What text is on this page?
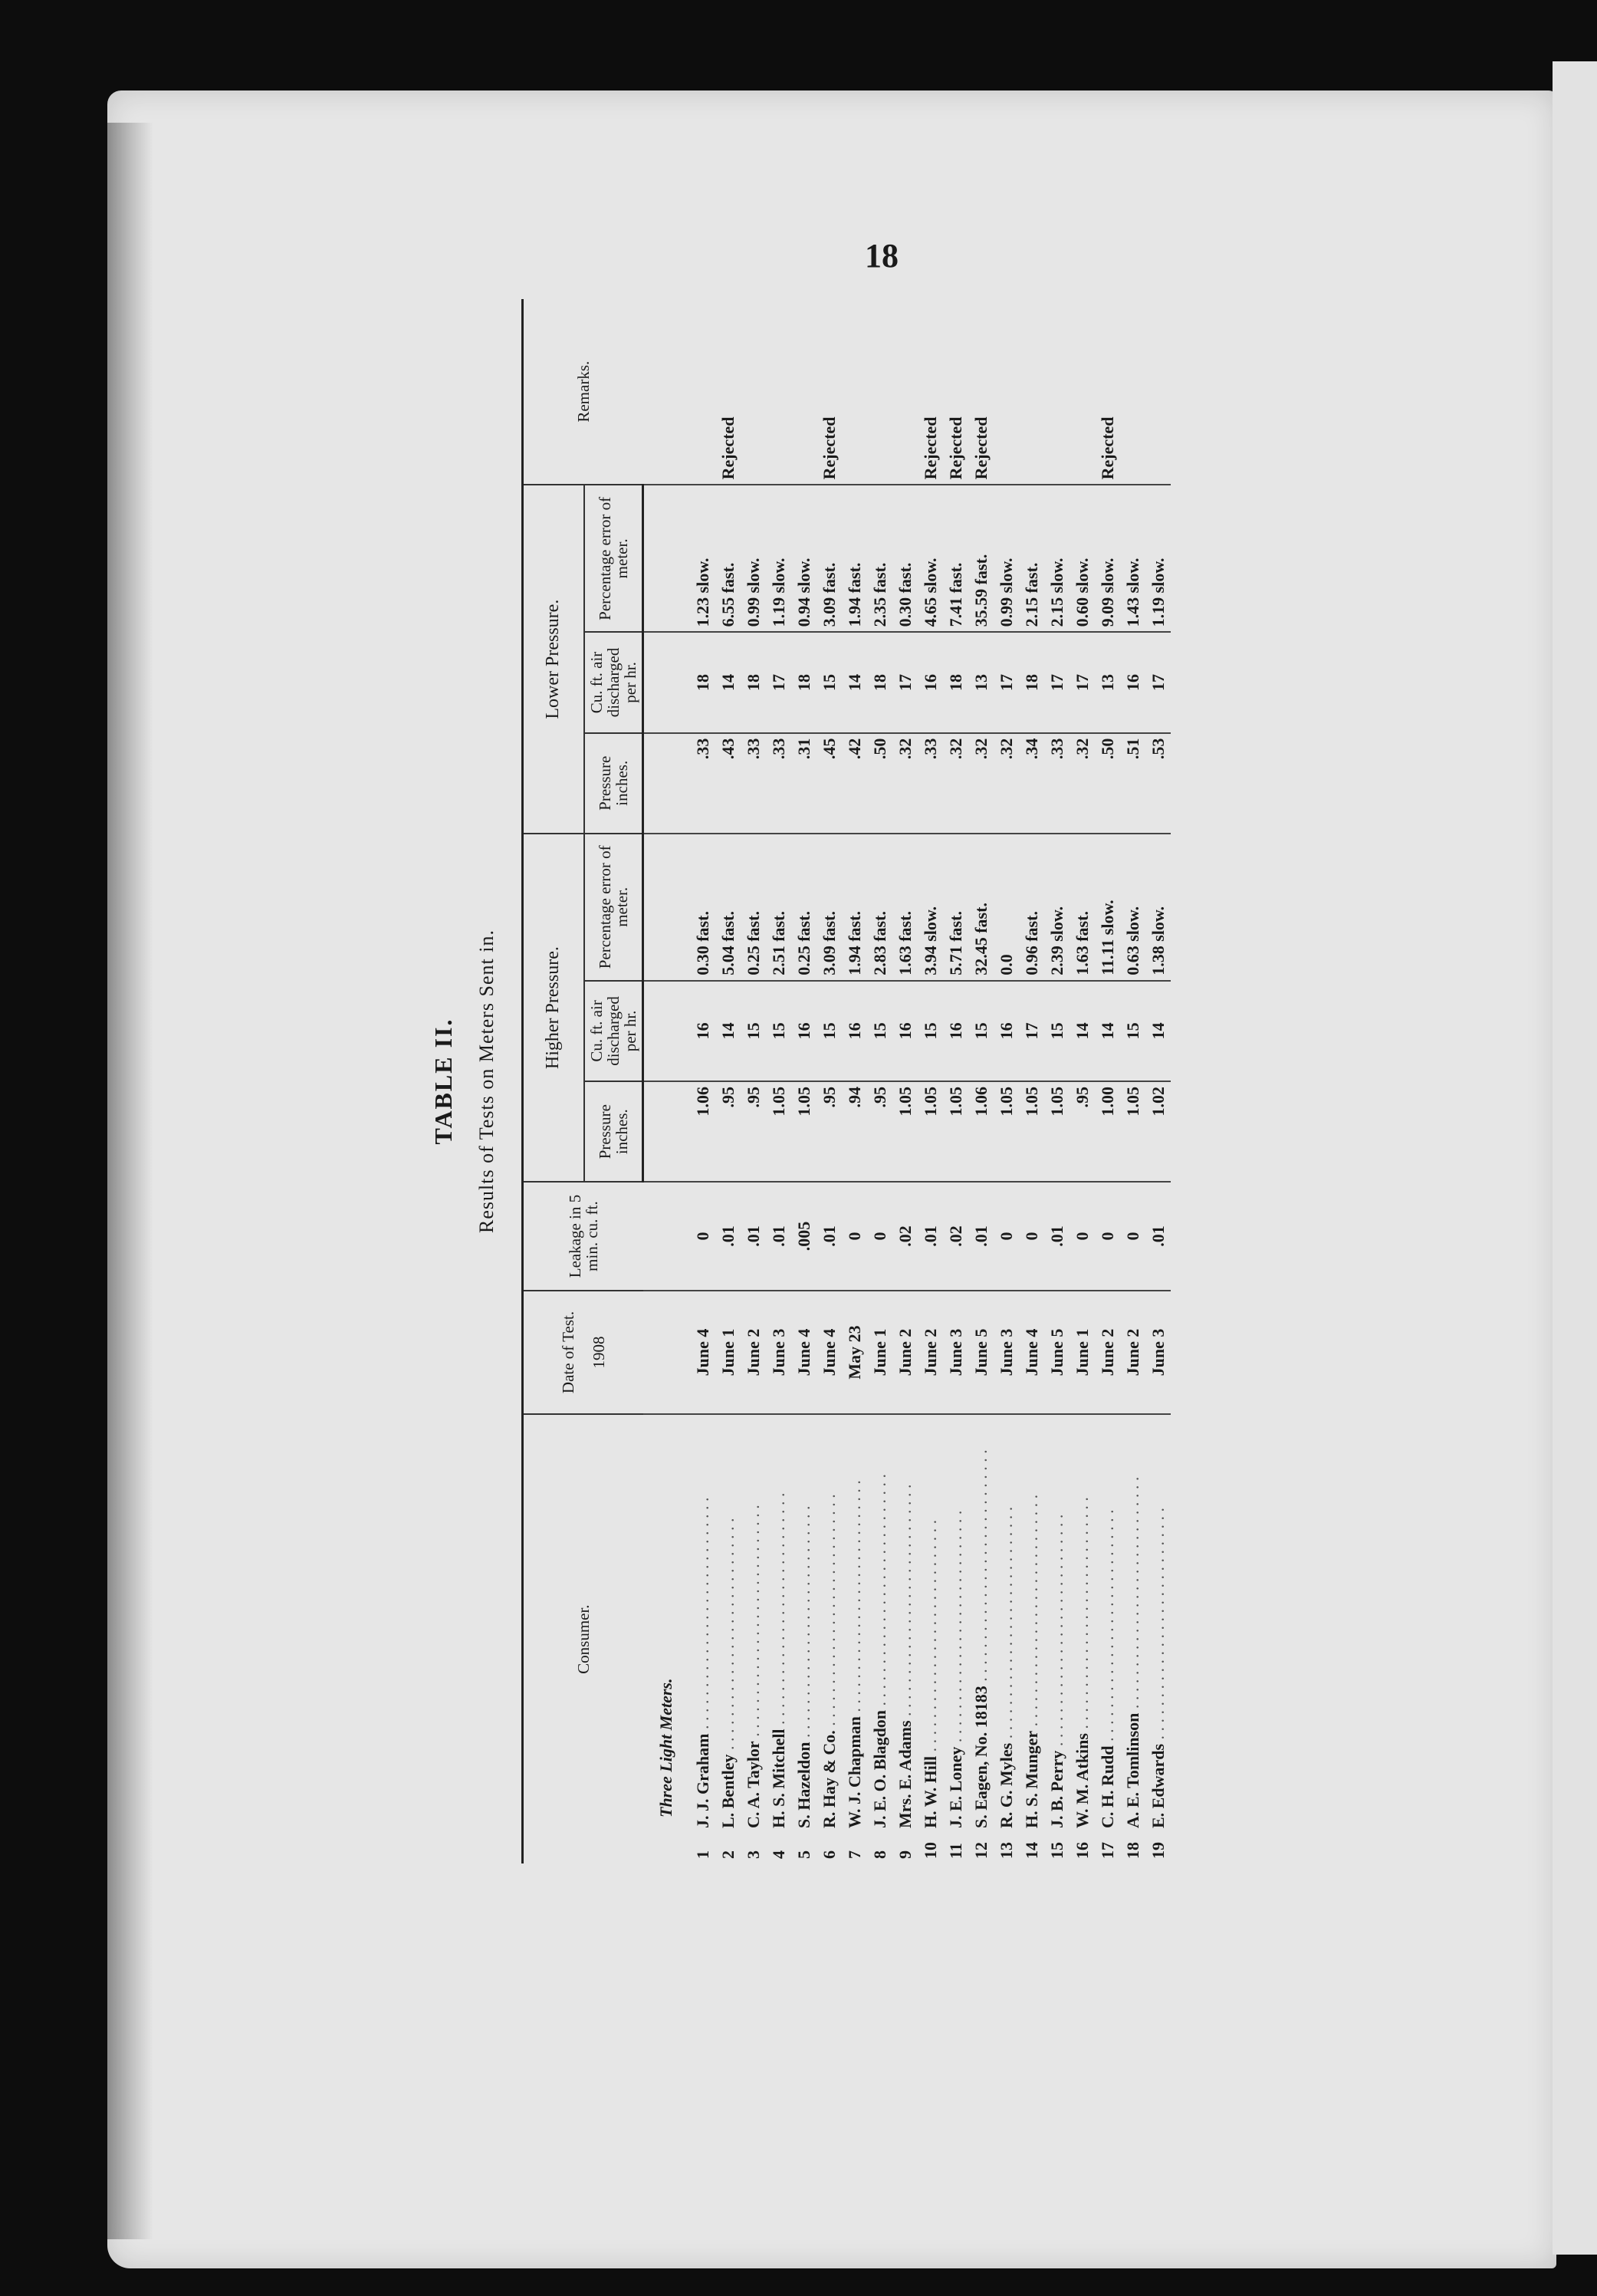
18
TABLE II. Results of Tests on Meters Sent in.
Consumer.	Date of Test. 1908	Leakage in 5 min. cu. ft.	Higher Pressure.			Lower Pressure.			Remarks.
			Pressure inches.	Cu. ft. air discharged per hr.	Percentage error of meter.	Pressure inches.	Cu. ft. air discharged per hr.	Percentage error of meter.	
Three Light Meters.									
1J. J. Graham . . . . . . . . . . . . . . . . . . . . . . . . . . . .	June 4	0	1.06	16	0.30 fast.	.33	18	1.23 slow.	
2L. Bentley . . . . . . . . . . . . . . . . . . . . . . . . . . . .	June 1	.01	.95	14	5.04 fast.	.43	14	6.55 fast.	Rejected
3C. A. Taylor . . . . . . . . . . . . . . . . . . . . . . . . . . . .	June 2	.01	.95	15	0.25 fast.	.33	18	0.99 slow.	
4H. S. Mitchell . . . . . . . . . . . . . . . . . . . . . . . . . . . .	June 3	.01	1.05	15	2.51 fast.	.33	17	1.19 slow.	
5S. Hazeldon . . . . . . . . . . . . . . . . . . . . . . . . . . . .	June 4	.005	1.05	16	0.25 fast.	.31	18	0.94 slow.	
6R. Hay & Co. . . . . . . . . . . . . . . . . . . . . . . . . . . . .	June 4	.01	.95	15	3.09 fast.	.45	15	3.09 fast.	Rejected
7W. J. Chapman . . . . . . . . . . . . . . . . . . . . . . . . . . . .	May 23	0	.94	16	1.94 fast.	.42	14	1.94 fast.	
8J. E. O. Blagdon . . . . . . . . . . . . . . . . . . . . . . . . . . . .	June 1	0	.95	15	2.83 fast.	.50	18	2.35 fast.	
9Mrs. E. Adams . . . . . . . . . . . . . . . . . . . . . . . . . . . .	June 2	.02	1.05	16	1.63 fast.	.32	17	0.30 fast.	
10H. W. Hill . . . . . . . . . . . . . . . . . . . . . . . . . . . .	June 2	.01	1.05	15	3.94 slow.	.33	16	4.65 slow.	Rejected
11J. E. Loney . . . . . . . . . . . . . . . . . . . . . . . . . . . .	June 3	.02	1.05	16	5.71 fast.	.32	18	7.41 fast.	Rejected
12S. Eagen, No. 18183 . . . . . . . . . . . . . . . . . . . . . . . . . . . .	June 5	.01	1.06	15	32.45 fast.	.32	13	35.59 fast.	Rejected
13R. G. Myles . . . . . . . . . . . . . . . . . . . . . . . . . . . .	June 3	0	1.05	16	0.0	.32	17	0.99 slow.	
14H. S. Munger . . . . . . . . . . . . . . . . . . . . . . . . . . . .	June 4	0	1.05	17	0.96 fast.	.34	18	2.15 fast.	
15J. B. Perry . . . . . . . . . . . . . . . . . . . . . . . . . . . .	June 5	.01	1.05	15	2.39 slow.	.33	17	2.15 slow.	
16W. M. Atkins . . . . . . . . . . . . . . . . . . . . . . . . . . . .	June 1	0	.95	14	1.63 fast.	.32	17	0.60 slow.	
17C. H. Rudd . . . . . . . . . . . . . . . . . . . . . . . . . . . .	June 2	0	1.00	14	11.11 slow.	.50	13	9.09 slow.	Rejected
18A. E. Tomlinson . . . . . . . . . . . . . . . . . . . . . . . . . . . .	June 2	0	1.05	15	0.63 slow.	.51	16	1.43 slow.	
19E. Edwards . . . . . . . . . . . . . . . . . . . . . . . . . . . .	June 3	.01	1.02	14	1.38 slow.	.53	17	1.19 slow.	
